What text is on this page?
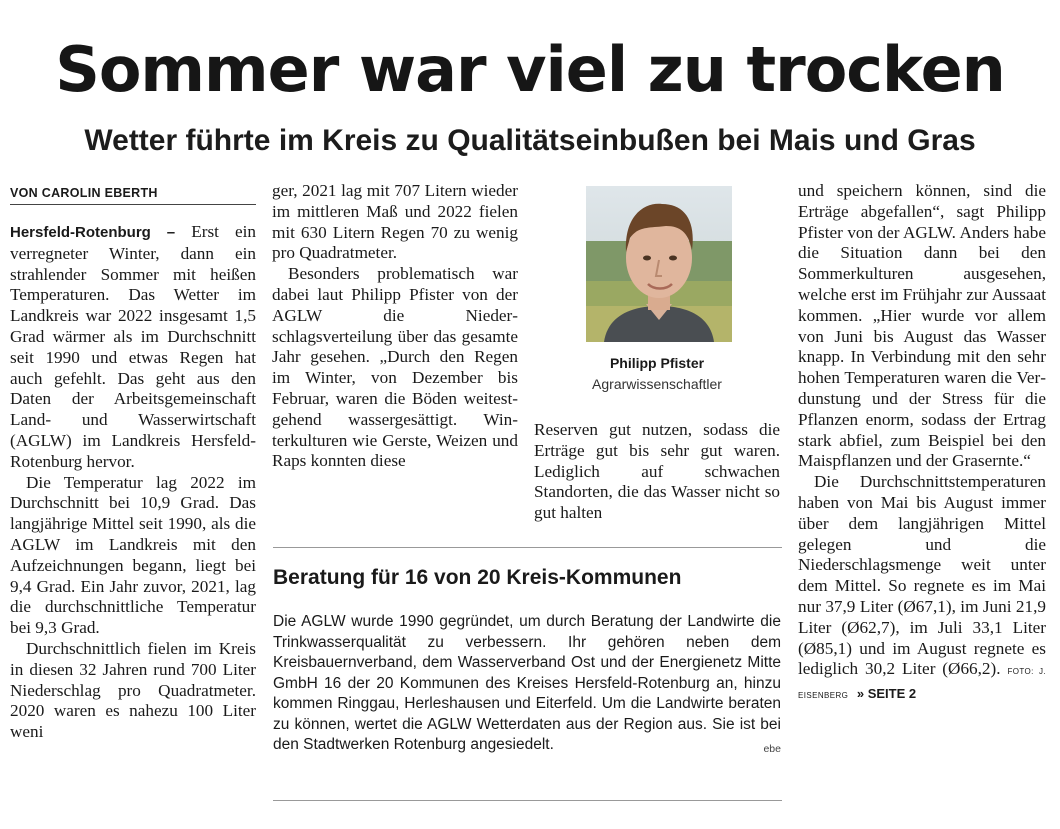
Sommer war viel zu trocken
Wetter führte im Kreis zu Qualitätseinbußen bei Mais und Gras
VON CAROLIN EBERTH

Hersfeld-Rotenburg – Erst ein verregneter Winter, dann ein strahlender Sommer mit heißen Temperaturen. Das Wetter im Landkreis war 2022 insgesamt 1,5 Grad wärmer als im Durchschnitt seit 1990 und etwas Regen hat auch gefehlt. Das geht aus den Daten der Arbeitsgemeinschaft Land- und Wasserwirtschaft (AGLW) im Landkreis Hersfeld-Rotenburg hervor.

Die Temperatur lag 2022 im Durchschnitt bei 10,9 Grad. Das langjährige Mittel seit 1990, als die AGLW im Landkreis mit den Aufzeichnungen begann, liegt bei 9,4 Grad. Ein Jahr zuvor, 2021, lag die durchschnittliche Temperatur bei 9,3 Grad.

Durchschnittlich fielen im Kreis in diesen 32 Jahren rund 700 Liter Niederschlag pro Quadratmeter. 2020 waren es nahezu 100 Liter weni

ger, 2021 lag mit 707 Litern wieder im mittleren Maß und 2022 fielen mit 630 Litern Regen 70 zu wenig pro Quadratmeter.

Besonders problematisch war dabei laut Philipp Pfister von der AGLW die Niederschlagsverteilung über das gesamte Jahr gesehen. „Durch den Regen im Winter, von Dezember bis Februar, waren die Böden weitestgehend wassergesättigt. Winterkulturen wie Gerste, Weizen und Raps konnten diese

Philipp Pfister
Agrarwissenschaftler

Reserven gut nutzen, sodass die Erträge gut bis sehr gut waren. Lediglich auf schwachen Standorten, die das Wasser nicht so gut halten

und speichern können, sind die Erträge abgefallen“, sagt Philipp Pfister von der AGLW. Anders habe die Situation dann bei den Sommerkulturen ausgesehen, welche erst im Frühjahr zur Aussaat kommen. „Hier wurde vor allem von Juni bis August das Wasser knapp. In Verbindung mit den sehr hohen Temperaturen waren die Verdunstung und der Stress für die Pflanzen enorm, sodass der Ertrag stark abfiel, zum Beispiel bei den Maispflanzen und der Grasernte.“

Die Durchschnittstemperaturen haben von Mai bis August immer über dem langjährigen Mittel gelegen und die Niederschlagsmenge weit unter dem Mittel. So regnete es im Mai nur 37,9 Liter (Ø67,1), im Juni 21,9 Liter (Ø62,7), im Juli 33,1 Liter (Ø85,1) und im August regnete es lediglich 30,2 Liter (Ø66,2). FOTO: J. EISENBERG » SEITE 2

Beratung für 16 von 20 Kreis-Kommunen
Die AGLW wurde 1990 gegründet, um durch Beratung der Landwirte die Trinkwasserqualität zu verbessern. Ihr gehören neben dem Kreisbauernverband, dem Wasserverband Ost und der Energienetz Mitte GmbH 16 der 20 Kommunen des Kreises Hersfeld-Rotenburg an, hinzu kommen Ringgau, Herleshausen und Eiterfeld. Um die Landwirte beraten zu können, wertet die AGLW Wetterdaten aus der Region aus. Sie ist bei den Stadtwerken Rotenburg angesiedelt.	ebe
